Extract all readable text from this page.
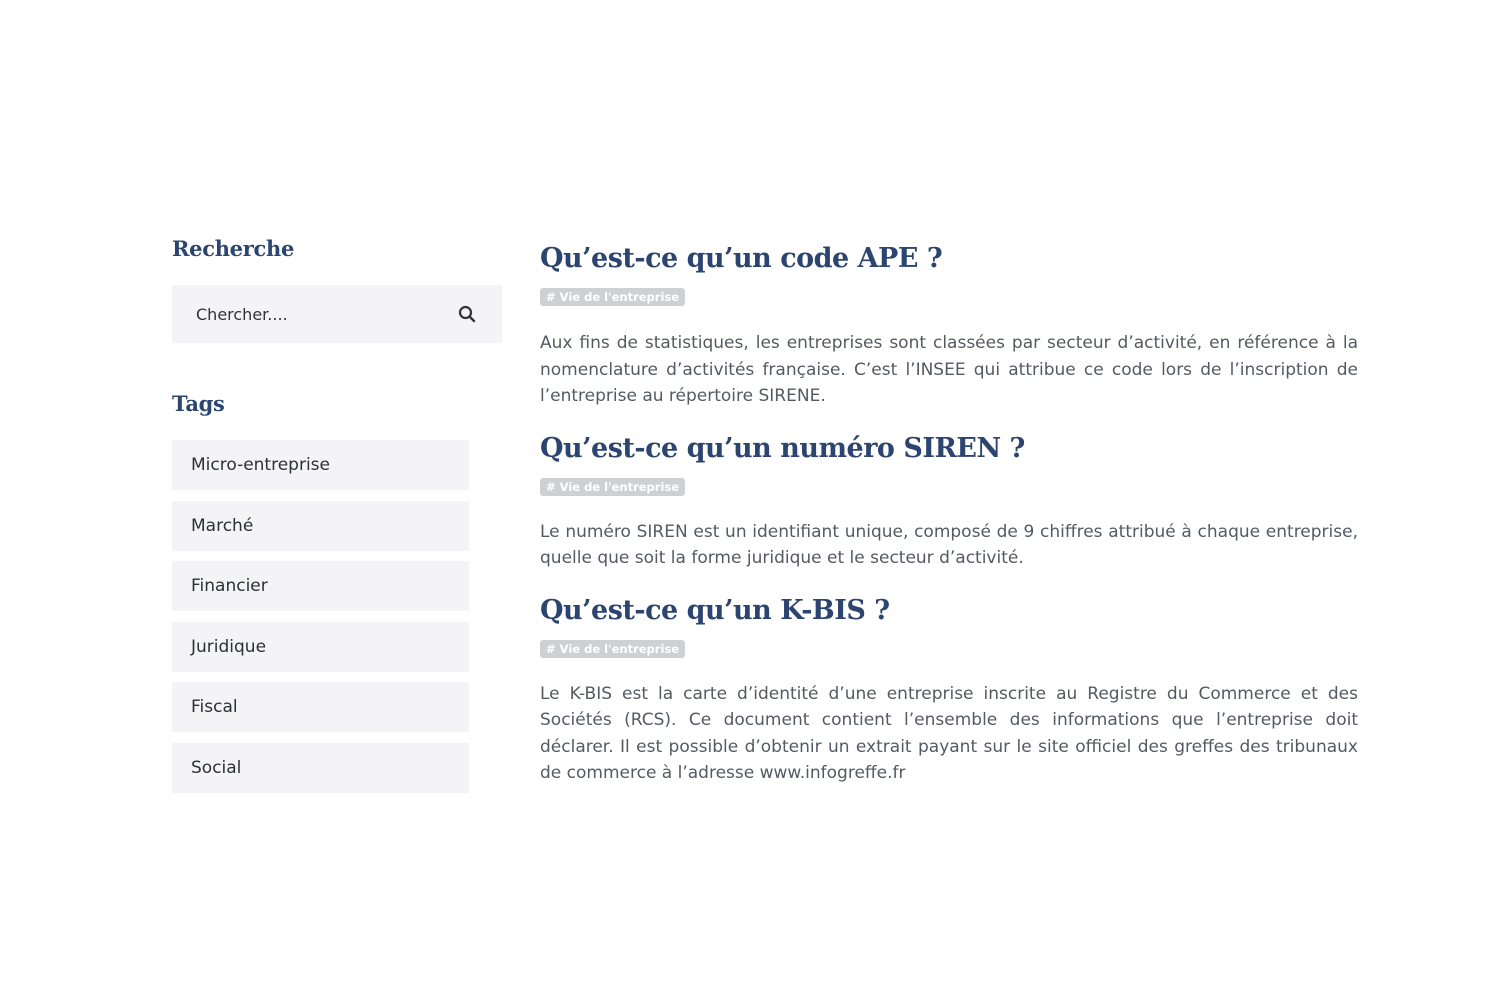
Recherche
Chercher....
Tags
Micro-entreprise
Marché
Financier
Juridique
Fiscal
Social
Qu’est-ce qu’un code APE ?
# Vie de l'entreprise

Aux fins de statistiques, les entreprises sont classées par secteur d’activité, en référence à la nomenclature d’activités française. C’est l’INSEE qui attribue ce code lors de l’inscription de l’entreprise au répertoire SIRENE.

Qu’est-ce qu’un numéro SIREN ?
# Vie de l'entreprise

Le numéro SIREN est un identifiant unique, composé de 9 chiffres attribué à chaque entreprise, quelle que soit la forme juridique et le secteur d’activité.

Qu’est-ce qu’un K-BIS ?
# Vie de l'entreprise

Le K-BIS est la carte d’identité d’une entreprise inscrite au Registre du Commerce et des Sociétés (RCS). Ce document contient l’ensemble des informations que l’entreprise doit déclarer. Il est possible d’obtenir un extrait payant sur le site officiel des greffes des tribunaux de commerce à l’adresse www.infogreffe.fr
